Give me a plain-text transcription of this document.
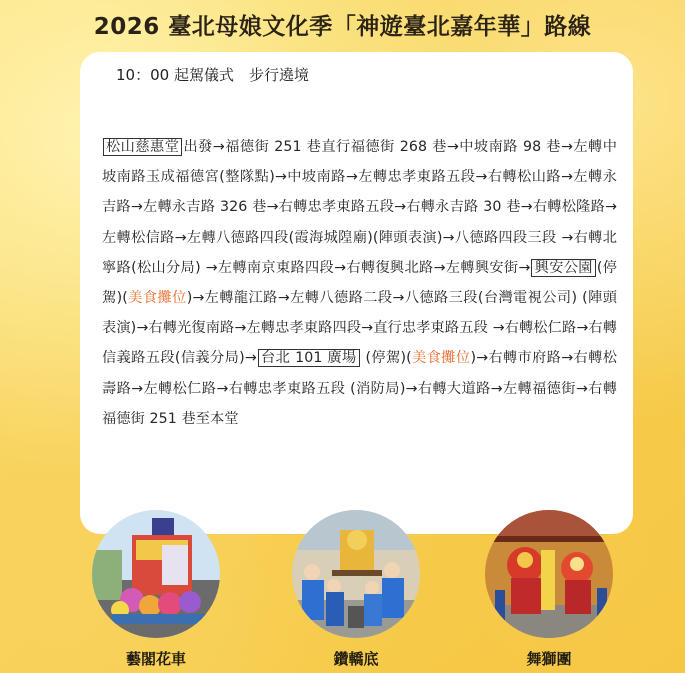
2026 臺北母娘文化季「神遊臺北嘉年華」路線
10：00 起駕儀式　步行遶境
松山慈惠堂 出發→福德街 251 巷直行福德街 268 巷→中坡南路 98 巷→左轉中坡南路玉成福德宮(整隊點)→中坡南路→左轉忠孝東路五段→右轉松山路→左轉永吉路→左轉永吉路 326 巷→右轉忠孝東路五段→右轉永吉路 30 巷→右轉松隆路→左轉松信路→左轉八德路四段(霞海城隍廟)(陣頭表演)→八德路四段三段 →右轉北寧路(松山分局) →左轉南京東路四段→右轉復興北路→左轉興安街→ 興安公園 (停駕)(美食攤位)→左轉龍江路→左轉八德路二段→八德路三段(台灣電視公司) (陣頭表演)→右轉光復南路→左轉忠孝東路四段→直行忠孝東路五段 →右轉松仁路→右轉信義路五段(信義分局)→ 台北 101 廣場 (停駕)(美食攤位)→右轉市府路→右轉松壽路→左轉松仁路→右轉忠孝東路五段 (消防局)→右轉大道路→左轉福德街→右轉福德街 251 巷至本堂
藝閣花車	鑽轎底	舞獅團
